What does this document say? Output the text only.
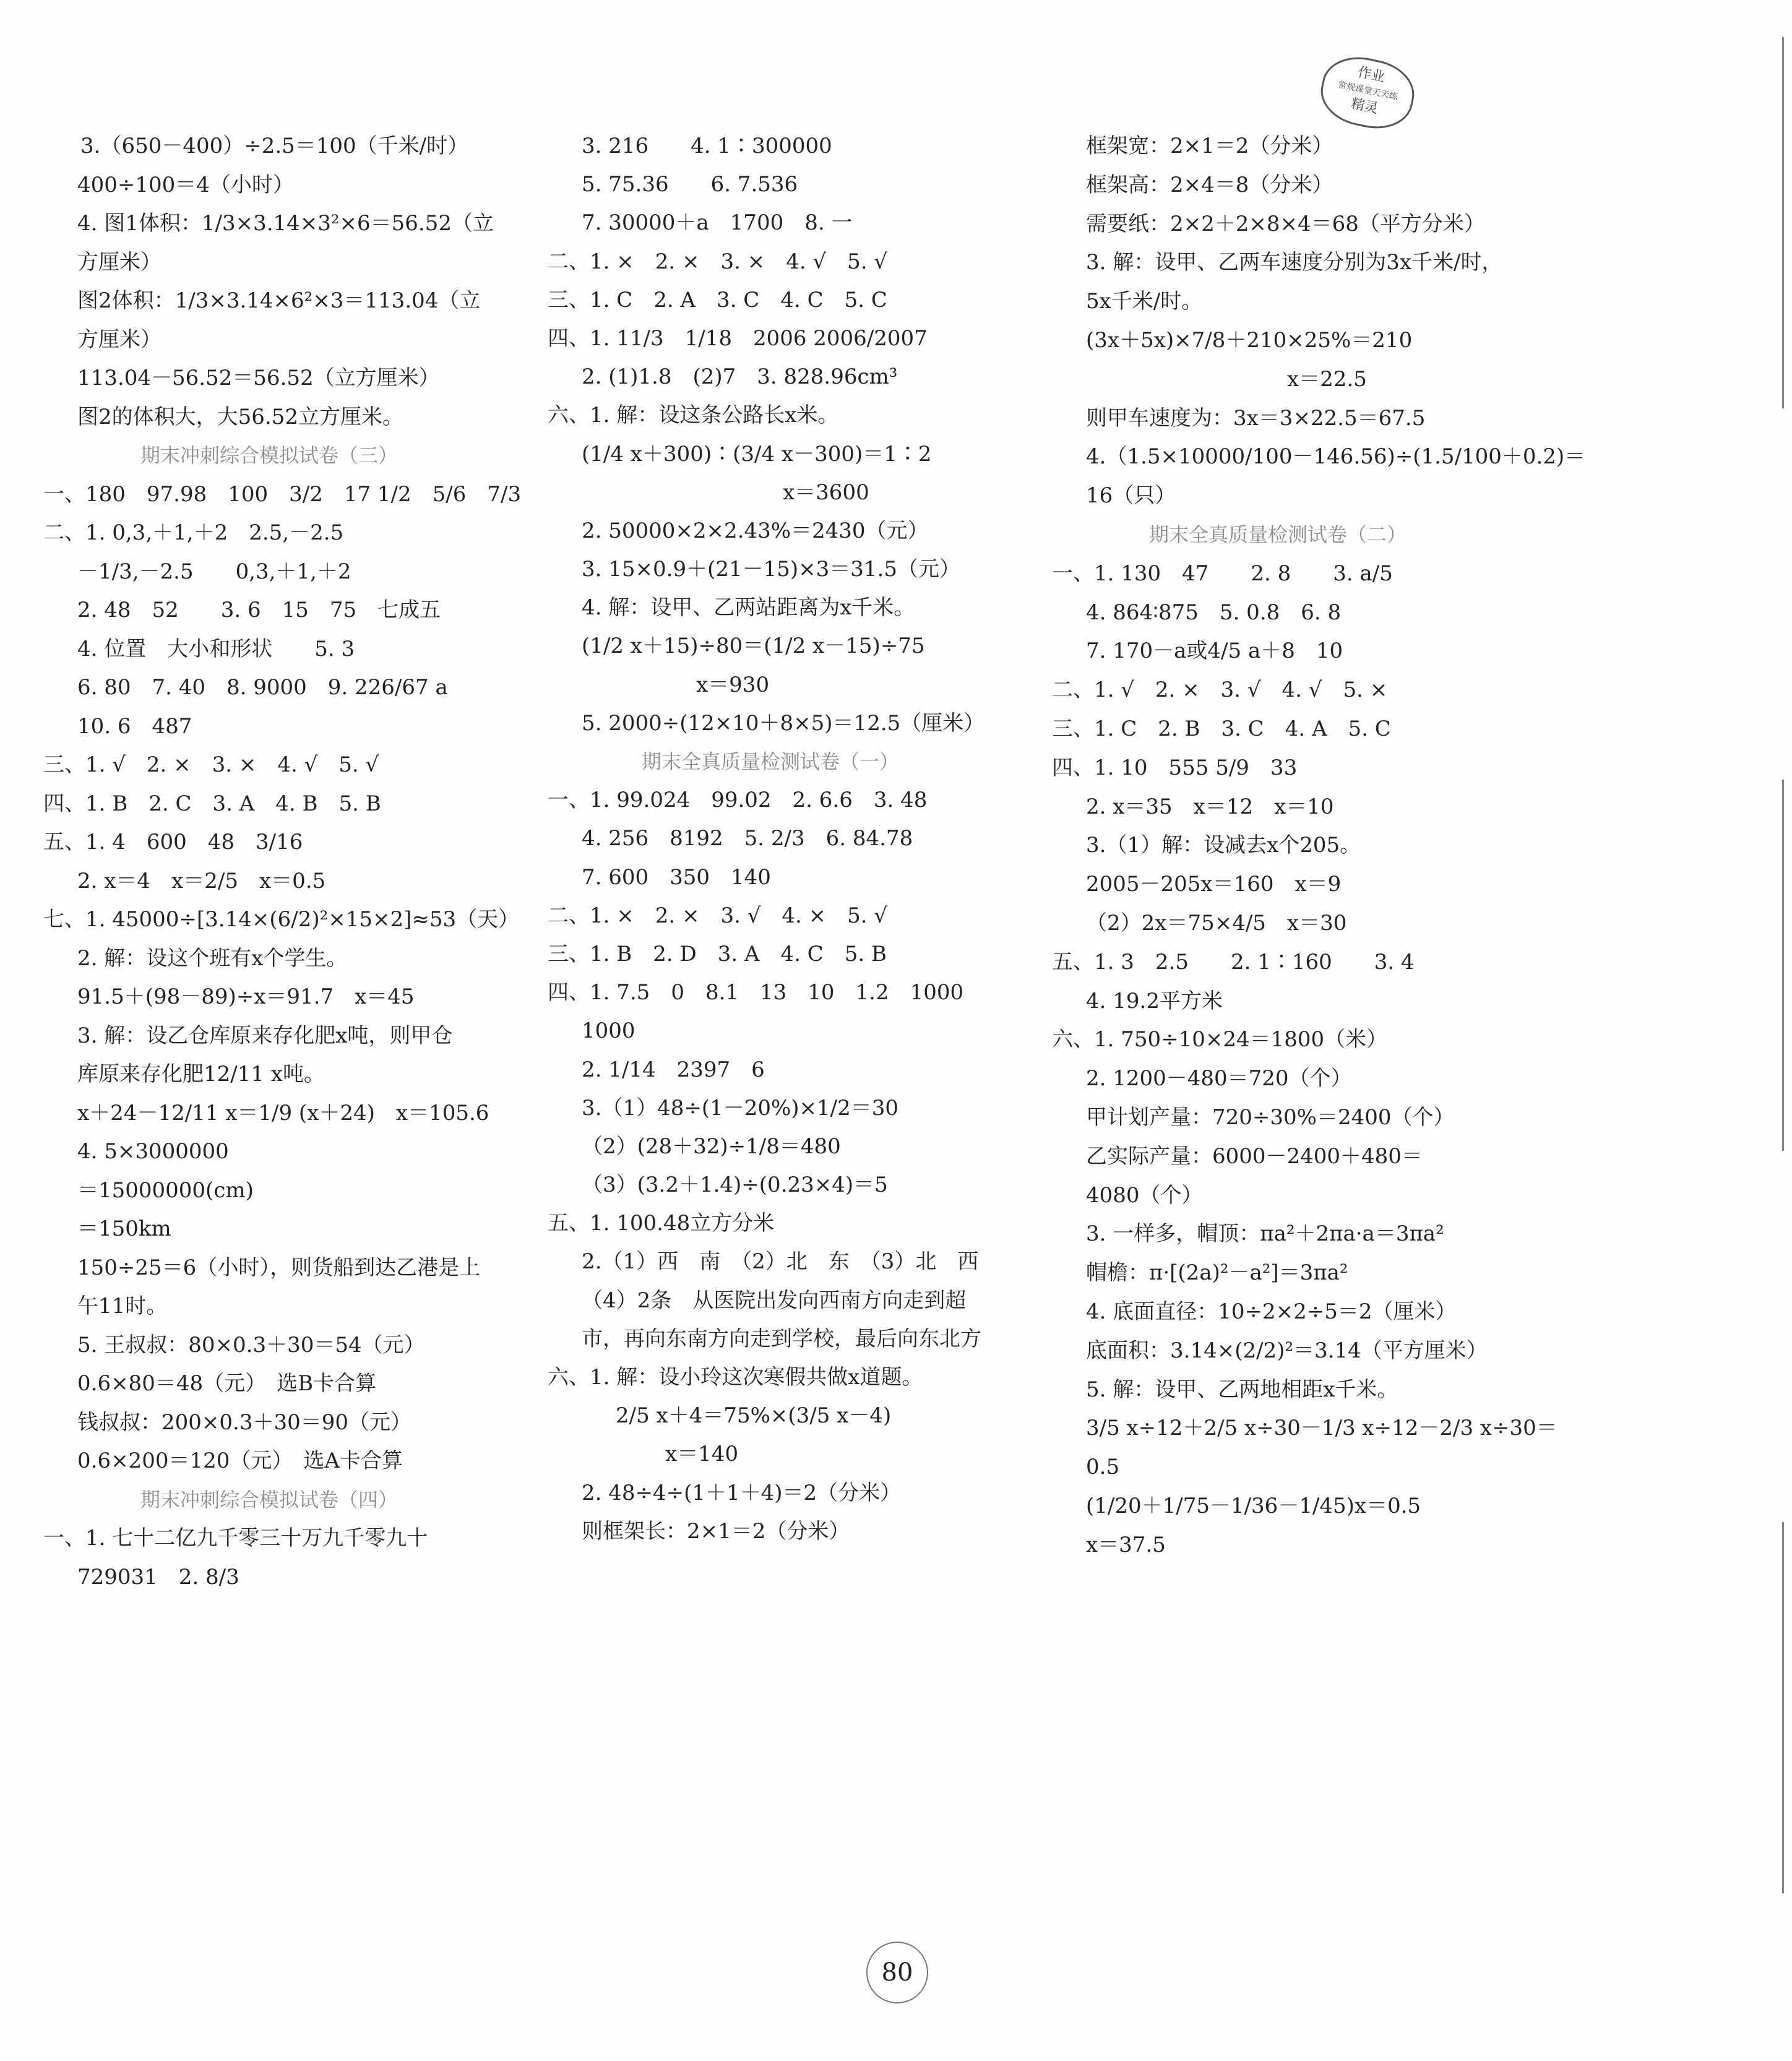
作业
常规课堂天天练
精灵

3.（650－400）÷2.5＝100（千米/时）

400÷100＝4（小时）

4. 图1体积：1/3×3.14×3²×6＝56.52（立

方厘米）

图2体积：1/3×3.14×6²×3＝113.04（立

方厘米）

113.04－56.52＝56.52（立方厘米）

图2的体积大，大56.52立方厘米。

期末冲刺综合模拟试卷（三）

一、180　97.98　100　3/2　17 1/2　5/6　7/3

二、1. 0,3,＋1,＋2　2.5,－2.5

－1/3,－2.5　　0,3,＋1,＋2

2. 48　52　　3. 6　15　75　七成五

4. 位置　大小和形状　　5. 3

6. 80　7. 40　8. 9000　9. 226/67 a

10. 6　487

三、1. √　2. ×　3. ×　4. √　5. √

四、1. B　2. C　3. A　4. B　5. B

五、1. 4　600　48　3/16

2. x＝4　x＝2/5　x＝0.5

七、1. 45000÷[3.14×(6/2)²×15×2]≈53（天）

2. 解：设这个班有x个学生。

91.5＋(98－89)÷x＝91.7　x＝45

3. 解：设乙仓库原来存化肥x吨，则甲仓

库原来存化肥12/11 x吨。

x＋24－12/11 x＝1/9 (x＋24)　x＝105.6

4. 5×3000000

＝15000000(cm)

＝150km

150÷25＝6（小时），则货船到达乙港是上

午11时。

5. 王叔叔：80×0.3＋30＝54（元）

0.6×80＝48（元）　选B卡合算

钱叔叔：200×0.3＋30＝90（元）

0.6×200＝120（元）　选A卡合算

期末冲刺综合模拟试卷（四）

一、1. 七十二亿九千零三十万九千零九十

729031　2. 8/3

3. 216　　4. 1∶300000

5. 75.36　　6. 7.536

7. 30000＋a　1700　8. 一

二、1. ×　2. ×　3. ×　4. √　5. √

三、1. C　2. A　3. C　4. C　5. C

四、1. 11/3　1/18　2006 2006/2007

2. (1)1.8　(2)7　3. 828.96cm³

六、1. 解：设这条公路长x米。

(1/4 x＋300)∶(3/4 x－300)＝1∶2

x＝3600

2. 50000×2×2.43%＝2430（元）

3. 15×0.9＋(21－15)×3＝31.5（元）

4. 解：设甲、乙两站距离为x千米。

(1/2 x＋15)÷80＝(1/2 x－15)÷75

x＝930

5. 2000÷(12×10＋8×5)＝12.5（厘米）

期末全真质量检测试卷（一）

一、1. 99.024　99.02　2. 6.6　3. 48

4. 256　8192　5. 2/3　6. 84.78

7. 600　350　140

二、1. ×　2. ×　3. √　4. ×　5. √

三、1. B　2. D　3. A　4. C　5. B

四、1. 7.5　0　8.1　13　10　1.2　1000

1000

2. 1/14　2397　6

3.（1）48÷(1－20%)×1/2＝30

（2）(28＋32)÷1/8＝480

（3）(3.2＋1.4)÷(0.23×4)＝5

五、1. 100.48立方分米

2.（1）西　南　（2）北　东　（3）北　西

（4）2条　从医院出发向西南方向走到超

市，再向东南方向走到学校，最后向东北方

六、1. 解：设小玲这次寒假共做x道题。

2/5 x＋4＝75%×(3/5 x－4)

x＝140

2. 48÷4÷(1＋1＋4)＝2（分米）

则框架长：2×1＝2（分米）

框架宽：2×1＝2（分米）

框架高：2×4＝8（分米）

需要纸：2×2＋2×8×4＝68（平方分米）

3. 解：设甲、乙两车速度分别为3x千米/时，

5x千米/时。

(3x＋5x)×7/8＋210×25%＝210

x＝22.5

则甲车速度为：3x＝3×22.5＝67.5

4.（1.5×10000/100－146.56)÷(1.5/100＋0.2)＝

16（只）

期末全真质量检测试卷（二）

一、1. 130　47　　2. 8　　3. a/5

4. 864∶875　5. 0.8　6. 8

7. 170－a或4/5 a＋8　10

二、1. √　2. ×　3. √　4. √　5. ×

三、1. C　2. B　3. C　4. A　5. C

四、1. 10　555 5/9　33

2. x＝35　x＝12　x＝10

3.（1）解：设减去x个205。

2005－205x＝160　x＝9

（2）2x＝75×4/5　x＝30

五、1. 3　2.5　　2. 1∶160　　3. 4

4. 19.2平方米

六、1. 750÷10×24＝1800（米）

2. 1200－480＝720（个）

甲计划产量：720÷30%＝2400（个）

乙实际产量：6000－2400＋480＝

4080（个）

3. 一样多，帽顶：πa²＋2πa·a＝3πa²

帽檐：π·[(2a)²－a²]＝3πa²

4. 底面直径：10÷2×2÷5＝2（厘米）

底面积：3.14×(2/2)²＝3.14（平方厘米）

5. 解：设甲、乙两地相距x千米。

3/5 x÷12＋2/5 x÷30－1/3 x÷12－2/3 x÷30＝

0.5

(1/20＋1/75－1/36－1/45)x＝0.5

x＝37.5

80
